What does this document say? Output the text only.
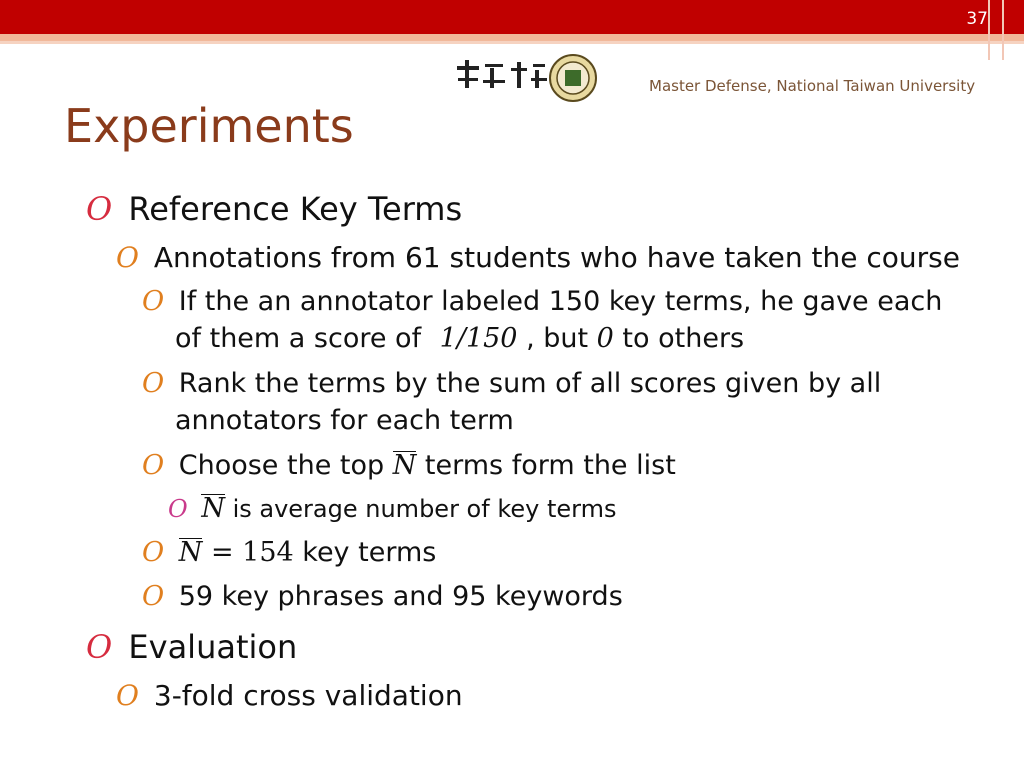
37
Master Defense, National Taiwan University
Experiments
O Reference Key Terms
O Annotations from 61 students who have taken the course
O If the an annotator labeled 150 key terms, he gave each
of them a score of 1/150 , but 0 to others
O Rank the terms by the sum of all scores given by all
annotators for each term
O Choose the top N terms form the list
O N is average number of key terms
O N = 154 key terms
O 59 key phrases and 95 keywords
O Evaluation
O 3-fold cross validation
